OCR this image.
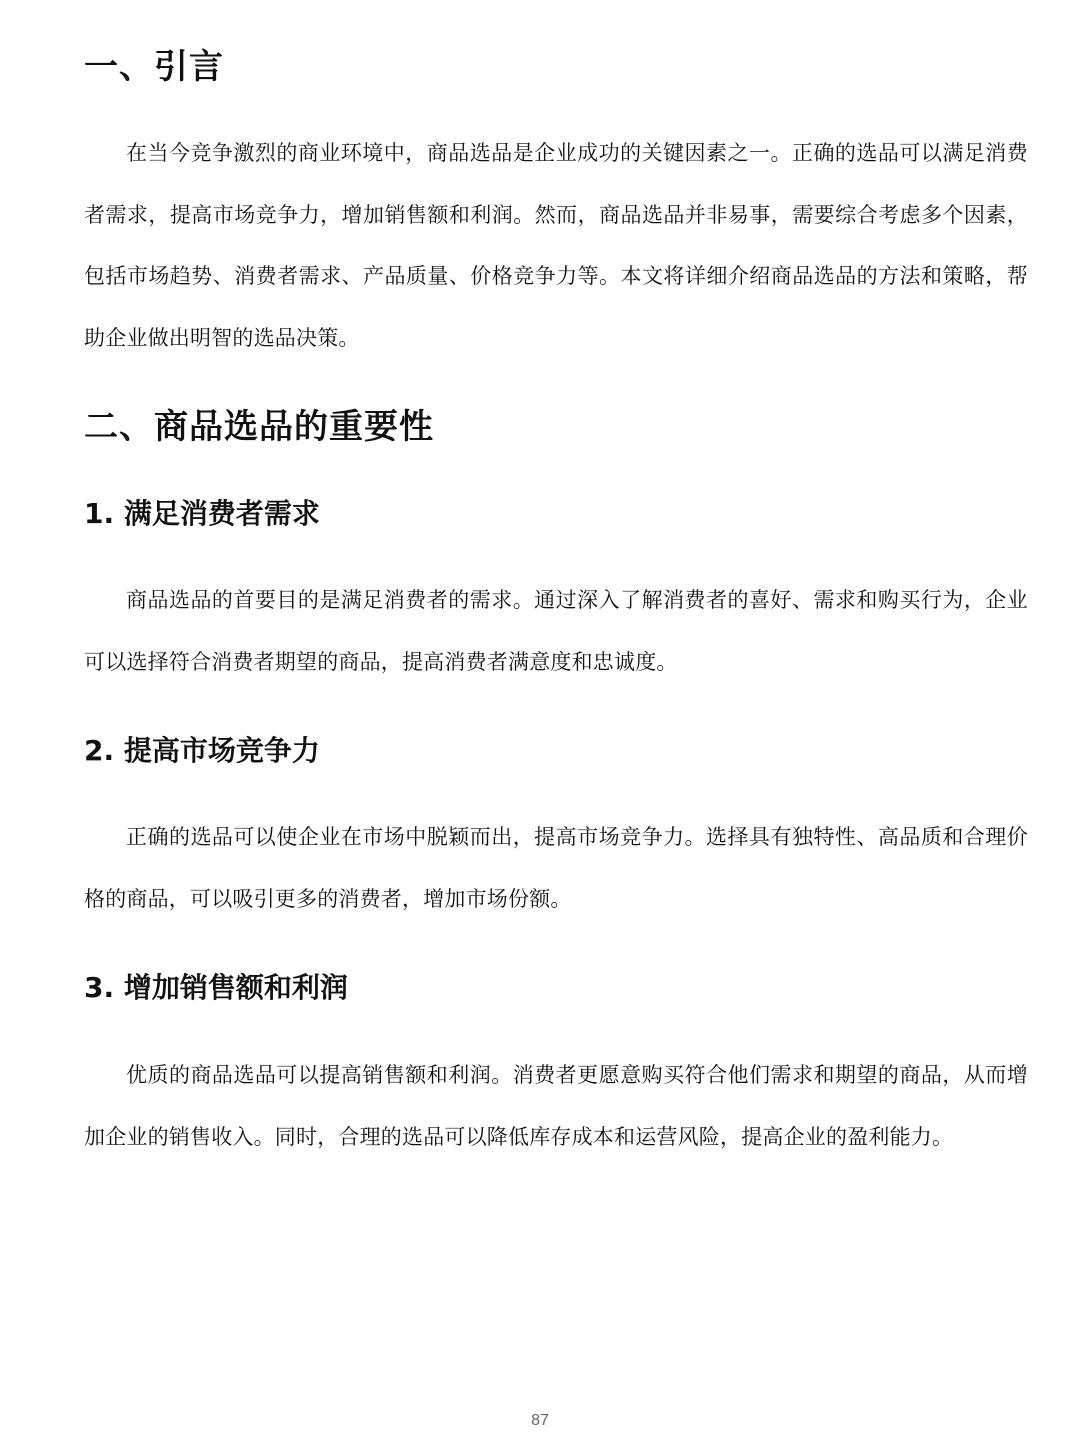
一、引言

在当今竞争激烈的商业环境中，商品选品是企业成功的关键因素之一。正确的选品可以满足消费者需求，提高市场竞争力，增加销售额和利润。然而，商品选品并非易事，需要综合考虑多个因素，包括市场趋势、消费者需求、产品质量、价格竞争力等。本文将详细介绍商品选品的方法和策略，帮助企业做出明智的选品决策。

二、商品选品的重要性
1. 满足消费者需求

商品选品的首要目的是满足消费者的需求。通过深入了解消费者的喜好、需求和购买行为，企业可以选择符合消费者期望的商品，提高消费者满意度和忠诚度。

2. 提高市场竞争力

正确的选品可以使企业在市场中脱颖而出，提高市场竞争力。选择具有独特性、高品质和合理价格的商品，可以吸引更多的消费者，增加市场份额。

3. 增加销售额和利润

优质的商品选品可以提高销售额和利润。消费者更愿意购买符合他们需求和期望的商品，从而增加企业的销售收入。同时，合理的选品可以降低库存成本和运营风险，提高企业的盈利能力。

87
